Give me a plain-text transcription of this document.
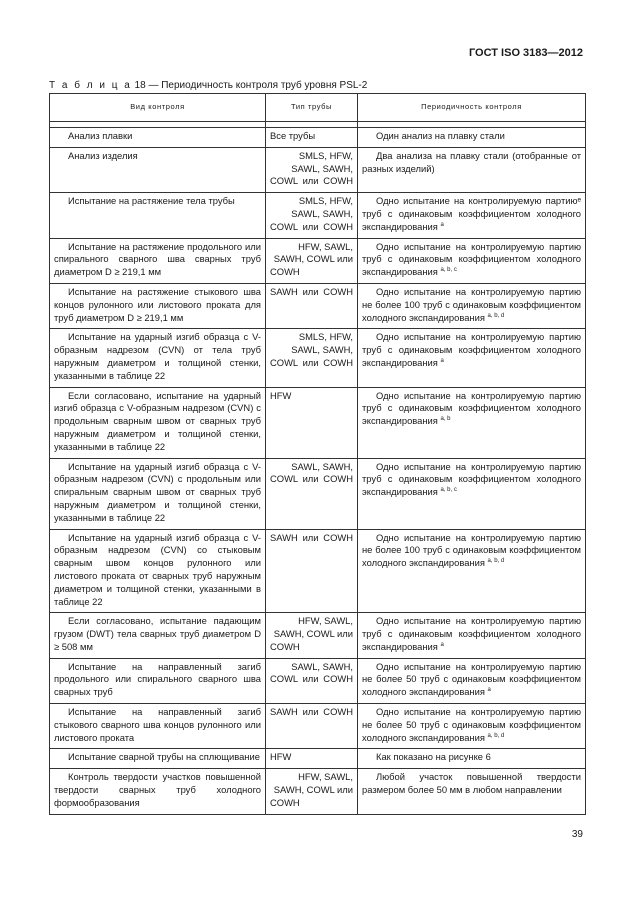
ГОСТ ISO 3183—2012
Т а б л и ц а 18 — Периодичность контроля труб уровня PSL-2
Вид контроля	Тип трубы	Периодичность контроля

Анализ плавки	Все трубы	Один анализ на плавку стали
Анализ изделия	SMLS, HFW, SAWL, SAWH, COWL или COWH	Два анализа на плавку стали (отобранные от разных изделий)
Испытание на растяжение тела трубы	SMLS, HFW, SAWL, SAWH, COWL или COWH	Одно испытание на контролируемую партиюᵉ труб с одинаковым коэффициентом холодного экспандирования $^a$
Испытание на растяжение продольного или спирального сварного шва сварных труб диаметром D ≥ 219,1 мм	HFW, SAWL, SAWH, COWL или COWH	Одно испытание на контролируемую партию труб с одинаковым коэффициентом холодного экспандирования $^{a, b, c}$
Испытание на растяжение стыкового шва концов рулонного или листового проката для труб диаметром D ≥ 219,1 мм	SAWH или COWH	Одно испытание на контролируемую партию не более 100 труб с одинаковым коэффициентом холодного экспандирования $^{a, b, d}$
Испытание на ударный изгиб образца с V-образным надрезом (CVN) от тела труб наружным диаметром и толщиной стенки, указанными в таблице 22	SMLS, HFW, SAWL, SAWH, COWL или COWH	Одно испытание на контролируемую партию труб с одинаковым коэффициентом холодного экспандирования $^a$
Если согласовано, испытание на ударный изгиб образца с V-образным надрезом (CVN) с продольным сварным швом от сварных труб наружным диаметром и толщиной стенки, указанными в таблице 22	HFW	Одно испытание на контролируемую партию труб с одинаковым коэффициентом холодного экспандирования $^{a, b}$
Испытание на ударный изгиб образца с V-образным надрезом (CVN) с продольным или спиральным сварным швом от сварных труб наружным диаметром и толщиной стенки, указанными в таблице 22	SAWL, SAWH, COWL или COWH	Одно испытание на контролируемую партию труб с одинаковым коэффициентом холодного экспандирования $^{a, b, c}$
Испытание на ударный изгиб образца с V-образным надрезом (CVN) со стыковым сварным швом концов рулонного или листового проката от сварных труб наружным диаметром и толщиной стенки, указанными в таблице 22	SAWH или COWH	Одно испытание на контролируемую партию не более 100 труб с одинаковым коэффициентом холодного экспандирования $^{a, b, d}$
Если согласовано, испытание падающим грузом (DWT) тела сварных труб диаметром D ≥ 508 мм	HFW, SAWL, SAWH, COWL или COWH	Одно испытание на контролируемую партию труб с одинаковым коэффициентом холодного экспандирования $^a$
Испытание на направленный загиб продольного или спирального сварного шва сварных труб	SAWL, SAWH, COWL или COWH	Одно испытание на контролируемую партию не более 50 труб с одинаковым коэффициентом холодного экспандирования $^a$
Испытание на направленный загиб стыкового сварного шва концов рулонного или листового проката	SAWH или COWH	Одно испытание на контролируемую партию не более 50 труб с одинаковым коэффициентом холодного экспандирования $^{a, b, d}$
Испытание сварной трубы на сплющивание	HFW	Как показано на рисунке 6
Контроль твердости участков повышенной твердости сварных труб холодного формообразования	HFW, SAWL, SAWH, COWL или COWH	Любой участок повышенной твердости размером более 50 мм в любом направлении
39
